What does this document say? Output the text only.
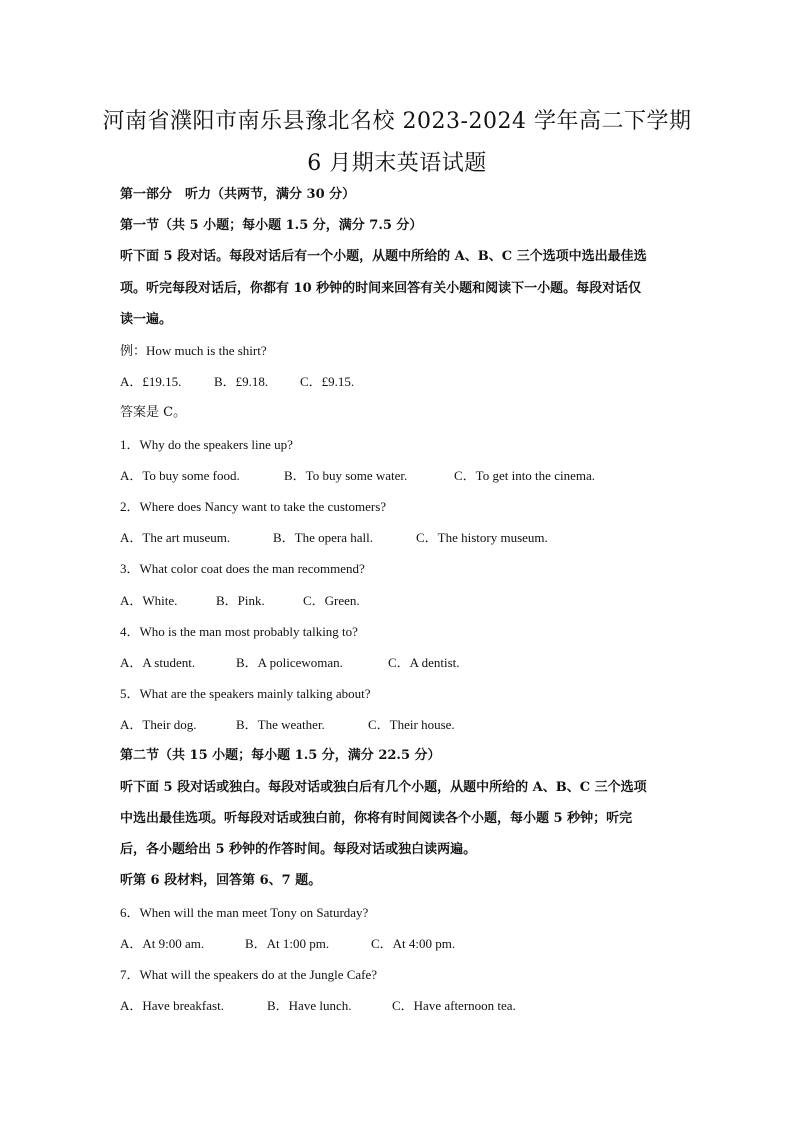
河南省濮阳市南乐县豫北名校 2023-2024 学年高二下学期
6 月期末英语试题
第一部分　听力（共两节，满分 30 分）
第一节（共 5 小题；每小题 1.5 分，满分 7.5 分）
听下面 5 段对话。每段对话后有一个小题，从题中所给的 A、B、C 三个选项中选出最佳选
项。听完每段对话后，你都有 10 秒钟的时间来回答有关小题和阅读下一小题。每段对话仅
读一遍。
例：How much is the shirt?
A．£19.15.	B．£9.18. C．£9.15.
答案是 C。
1．Why do the speakers line up?
A．To buy some food.	B．To buy some water.	C．To get into the cinema.
2．Where does Nancy want to take the customers?
A．The art museum.	B．The opera hall.	C．The history museum.
3．What color coat does the man recommend?
A．White.	B．Pink.	C．Green.
4．Who is the man most probably talking to?
A．A student.	B．A policewoman.	C．A dentist.
5．What are the speakers mainly talking about?
A．Their dog.	B．The weather.	C．Their house.
第二节（共 15 小题；每小题 1.5 分，满分 22.5 分）
听下面 5 段对话或独白。每段对话或独白后有几个小题，从题中所给的 A、B、C 三个选项
中选出最佳选项。听每段对话或独白前，你将有时间阅读各个小题，每小题 5 秒钟；听完
后，各小题给出 5 秒钟的作答时间。每段对话或独白读两遍。
听第 6 段材料，回答第 6、7 题。
6．When will the man meet Tony on Saturday?
A．At 9:00 am.	B．At 1:00 pm.	C．At 4:00 pm.
7．What will the speakers do at the Jungle Cafe?
A．Have breakfast.	B．Have lunch.	C．Have afternoon tea.
